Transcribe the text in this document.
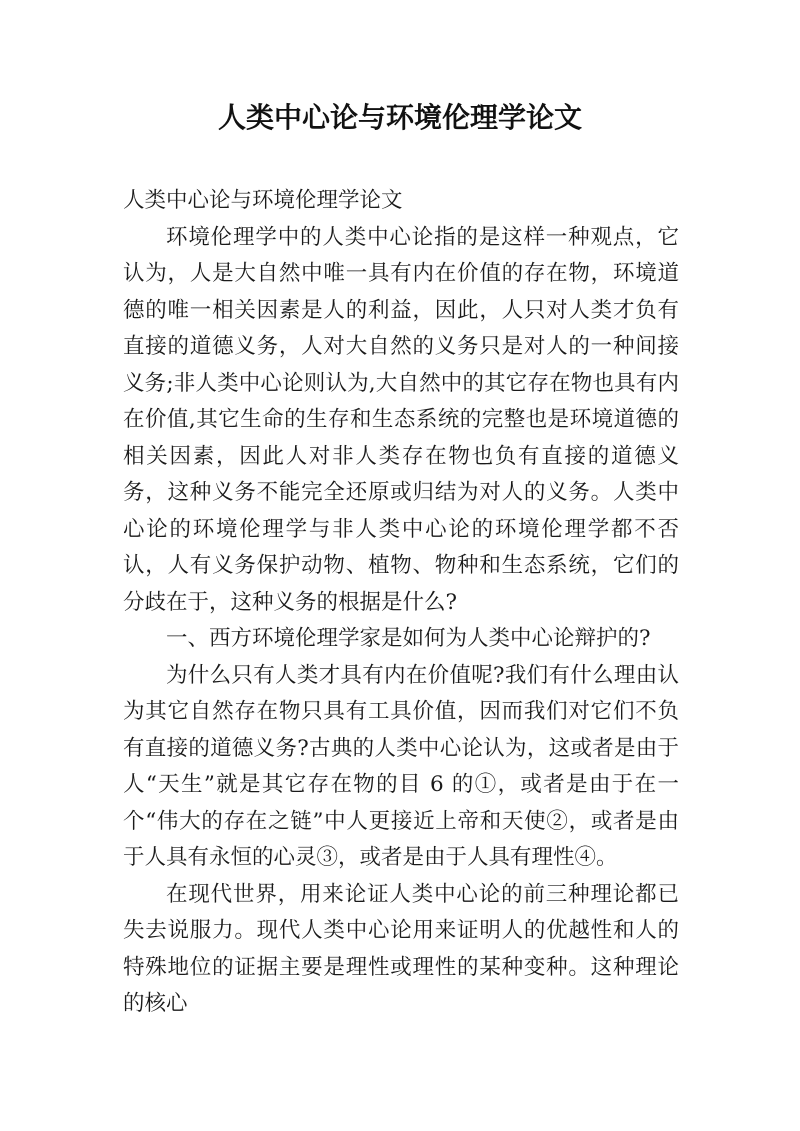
人类中心论与环境伦理学论文

人类中心论与环境伦理学论文

环境伦理学中的人类中心论指的是这样一种观点，它认为，人是大自然中唯一具有内在价值的存在物，环境道德的唯一相关因素是人的利益，因此，人只对人类才负有直接的道德义务，人对大自然的义务只是对人的一种间接义务;非人类中心论则认为,大自然中的其它存在物也具有内在价值,其它生命的生存和生态系统的完整也是环境道德的相关因素，因此人对非人类存在物也负有直接的道德义务，这种义务不能完全还原或归结为对人的义务。人类中心论的环境伦理学与非人类中心论的环境伦理学都不否认，人有义务保护动物、植物、物种和生态系统，它们的分歧在于，这种义务的根据是什么?

一、西方环境伦理学家是如何为人类中心论辩护的?

为什么只有人类才具有内在价值呢?我们有什么理由认为其它自然存在物只具有工具价值，因而我们对它们不负有直接的道德义务?古典的人类中心论认为，这或者是由于人“天生”就是其它存在物的目 6 的①，或者是由于在一个“伟大的存在之链”中人更接近上帝和天使②，或者是由于人具有永恒的心灵③，或者是由于人具有理性④。

在现代世界，用来论证人类中心论的前三种理论都已失去说服力。现代人类中心论用来证明人的优越性和人的特殊地位的证据主要是理性或理性的某种变种。这种理论的核心
